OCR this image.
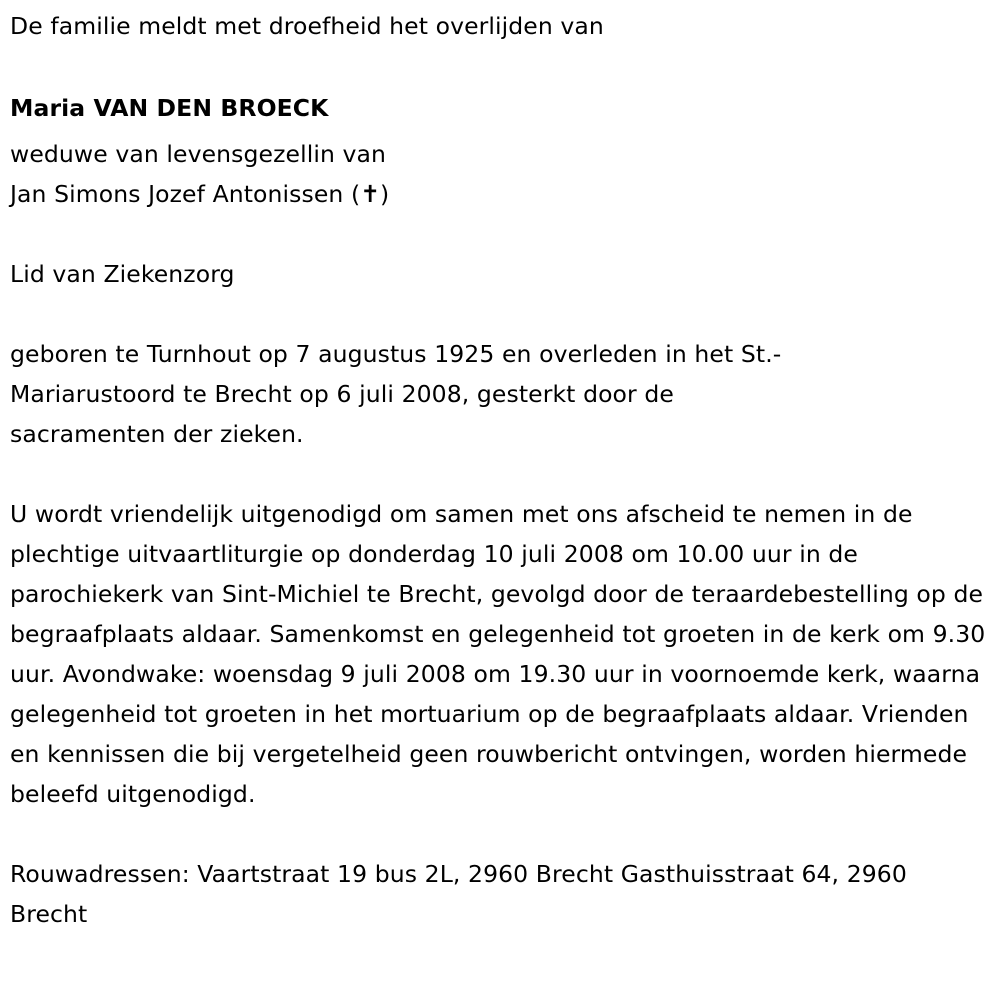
De familie meldt met droefheid het overlijden van

Maria VAN DEN BROECK

weduwe van levensgezellin van

Jan Simons Jozef Antonissen (✝)

Lid van Ziekenzorg

geboren te Turnhout op 7 augustus 1925 en overleden in het St.-Mariarustoord te Brecht op 6 juli 2008, gesterkt door de sacramenten der zieken.

U wordt vriendelijk uitgenodigd om samen met ons afscheid te nemen in de plechtige uitvaartliturgie op donderdag 10 juli 2008 om 10.00 uur in de parochiekerk van Sint-Michiel te Brecht, gevolgd door de teraardebestelling op de begraafplaats aldaar. Samenkomst en gelegenheid tot groeten in de kerk om 9.30 uur. Avondwake: woensdag 9 juli 2008 om 19.30 uur in voornoemde kerk, waarna gelegenheid tot groeten in het mortuarium op de begraafplaats aldaar. Vrienden en kennissen die bij vergetelheid geen rouwbericht ontvingen, worden hiermede beleefd uitgenodigd.

Rouwadressen: Vaartstraat 19 bus 2L, 2960 Brecht Gasthuisstraat 64, 2960 Brecht
